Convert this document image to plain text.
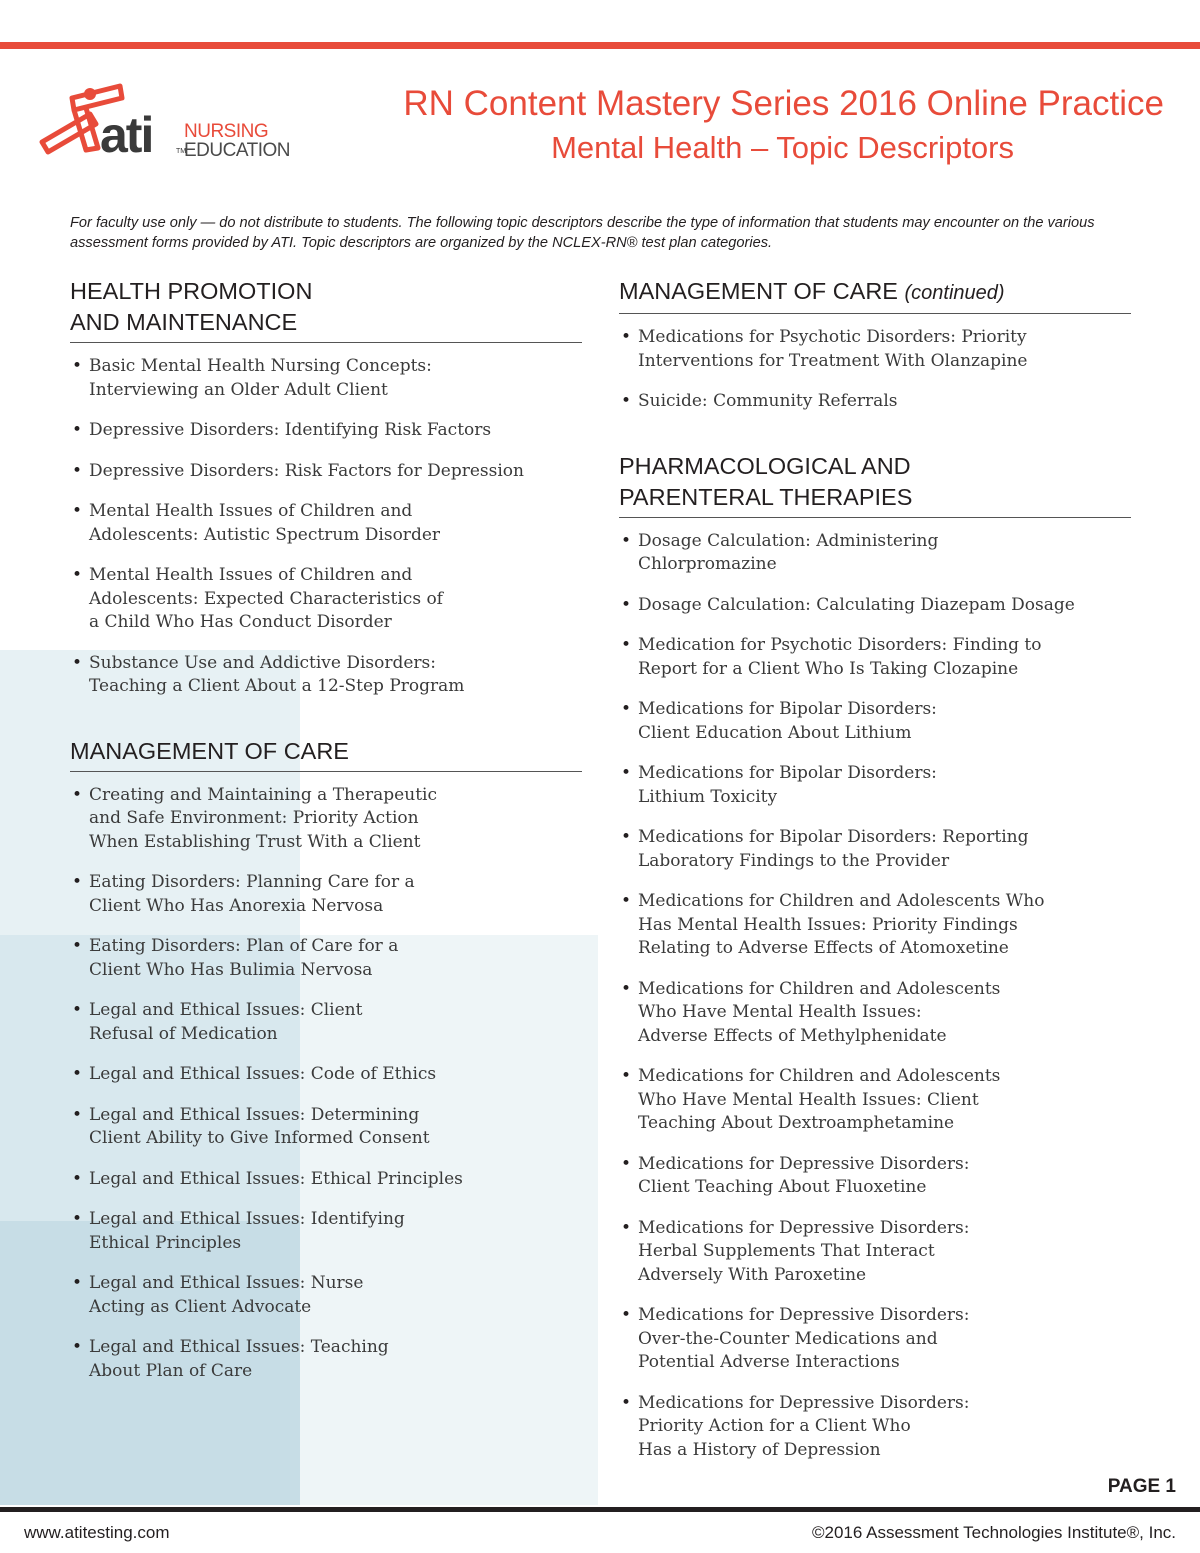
ati	TM
NURSING
EDUCATION
RN Content Mastery Series 2016 Online Practice
Mental Health – Topic Descriptors
For faculty use only — do not distribute to students. The following topic descriptors describe the type of information that students may encounter on the various assessment forms provided by ATI. Topic descriptors are organized by the NCLEX-RN® test plan categories.
HEALTH PROMOTION
AND MAINTENANCE
• Basic Mental Health Nursing Concepts:
Interviewing an Older Adult Client
• Depressive Disorders: Identifying Risk Factors
• Depressive Disorders: Risk Factors for Depression
• Mental Health Issues of Children and
Adolescents: Autistic Spectrum Disorder
• Mental Health Issues of Children and
Adolescents: Expected Characteristics of
a Child Who Has Conduct Disorder
• Substance Use and Addictive Disorders:
Teaching a Client About a 12-Step Program
MANAGEMENT OF CARE
• Creating and Maintaining a Therapeutic
and Safe Environment: Priority Action
When Establishing Trust With a Client
• Eating Disorders: Planning Care for a
Client Who Has Anorexia Nervosa
• Eating Disorders: Plan of Care for a
Client Who Has Bulimia Nervosa
• Legal and Ethical Issues: Client
Refusal of Medication
• Legal and Ethical Issues: Code of Ethics
• Legal and Ethical Issues: Determining
Client Ability to Give Informed Consent
• Legal and Ethical Issues: Ethical Principles
• Legal and Ethical Issues: Identifying
Ethical Principles
• Legal and Ethical Issues: Nurse
Acting as Client Advocate
• Legal and Ethical Issues: Teaching
About Plan of Care
MANAGEMENT OF CARE (continued)
• Medications for Psychotic Disorders: Priority
Interventions for Treatment With Olanzapine
• Suicide: Community Referrals
PHARMACOLOGICAL AND
PARENTERAL THERAPIES
• Dosage Calculation: Administering
Chlorpromazine
• Dosage Calculation: Calculating Diazepam Dosage
• Medication for Psychotic Disorders: Finding to
Report for a Client Who Is Taking Clozapine
• Medications for Bipolar Disorders:
Client Education About Lithium
• Medications for Bipolar Disorders:
Lithium Toxicity
• Medications for Bipolar Disorders: Reporting
Laboratory Findings to the Provider
• Medications for Children and Adolescents Who
Has Mental Health Issues: Priority Findings
Relating to Adverse Effects of Atomoxetine
• Medications for Children and Adolescents
Who Have Mental Health Issues:
Adverse Effects of Methylphenidate
• Medications for Children and Adolescents
Who Have Mental Health Issues: Client
Teaching About Dextroamphetamine
• Medications for Depressive Disorders:
Client Teaching About Fluoxetine
• Medications for Depressive Disorders:
Herbal Supplements That Interact
Adversely With Paroxetine
• Medications for Depressive Disorders:
Over-the-Counter Medications and
Potential Adverse Interactions
• Medications for Depressive Disorders:
Priority Action for a Client Who
Has a History of Depression
PAGE 1
www.atitesting.com	©2016 Assessment Technologies Institute®, Inc.
